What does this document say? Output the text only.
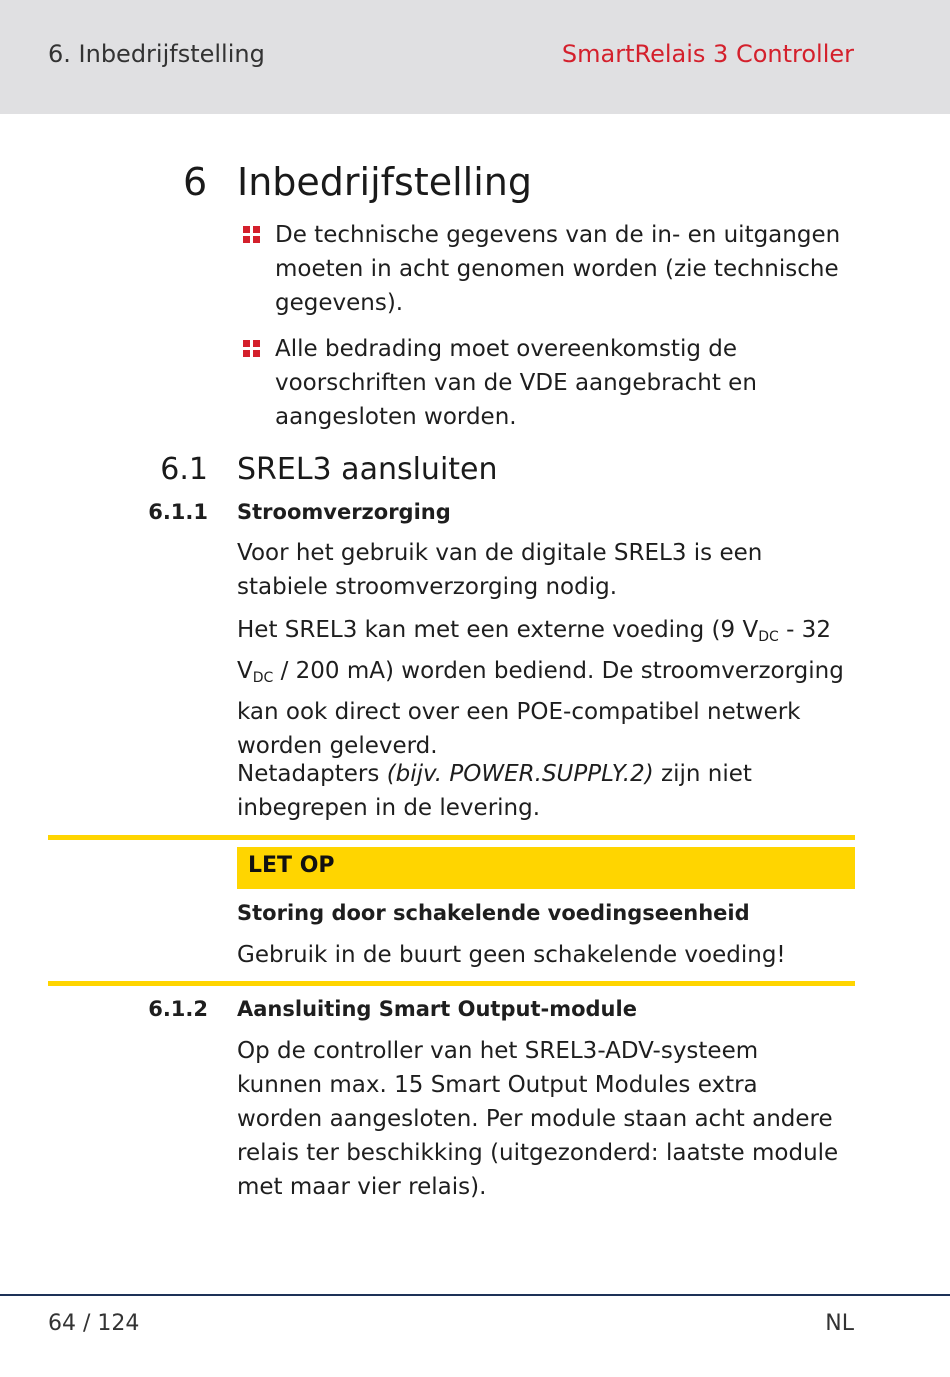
6. Inbedrijfstelling	SmartRelais 3 Controller
6 Inbedrijfstelling
De technische gegevens van de in- en uitgangen moeten in acht genomen worden (zie technische gegevens).
Alle bedrading moet overeenkomstig de voorschriften van de VDE aangebracht en aangesloten worden.
6.1 SREL3 aansluiten
6.1.1 Stroomverzorging
Voor het gebruik van de digitale SREL3 is een stabiele stroomverzorging nodig.
Het SREL3 kan met een externe voeding (9 $V_{DC} - 32$ $V_{DC} / 200$ mA) worden bediend. De stroomverzorging kan ook direct over een POE-compatibel netwerk worden geleverd.
Netadapters (bijv. POWER.SUPPLY.2) zijn niet inbegrepen in de levering.
LET OP
Storing door schakelende voedingseenheid
Gebruik in de buurt geen schakelende voeding!
6.1.2 Aansluiting Smart Output-module
Op de controller van het SREL3-ADV-systeem kunnen max. 15 Smart Output Modules extra worden aangesloten. Per module staan acht andere relais ter beschikking (uitgezonderd: laatste module met maar vier relais).
64 / 124	NL
